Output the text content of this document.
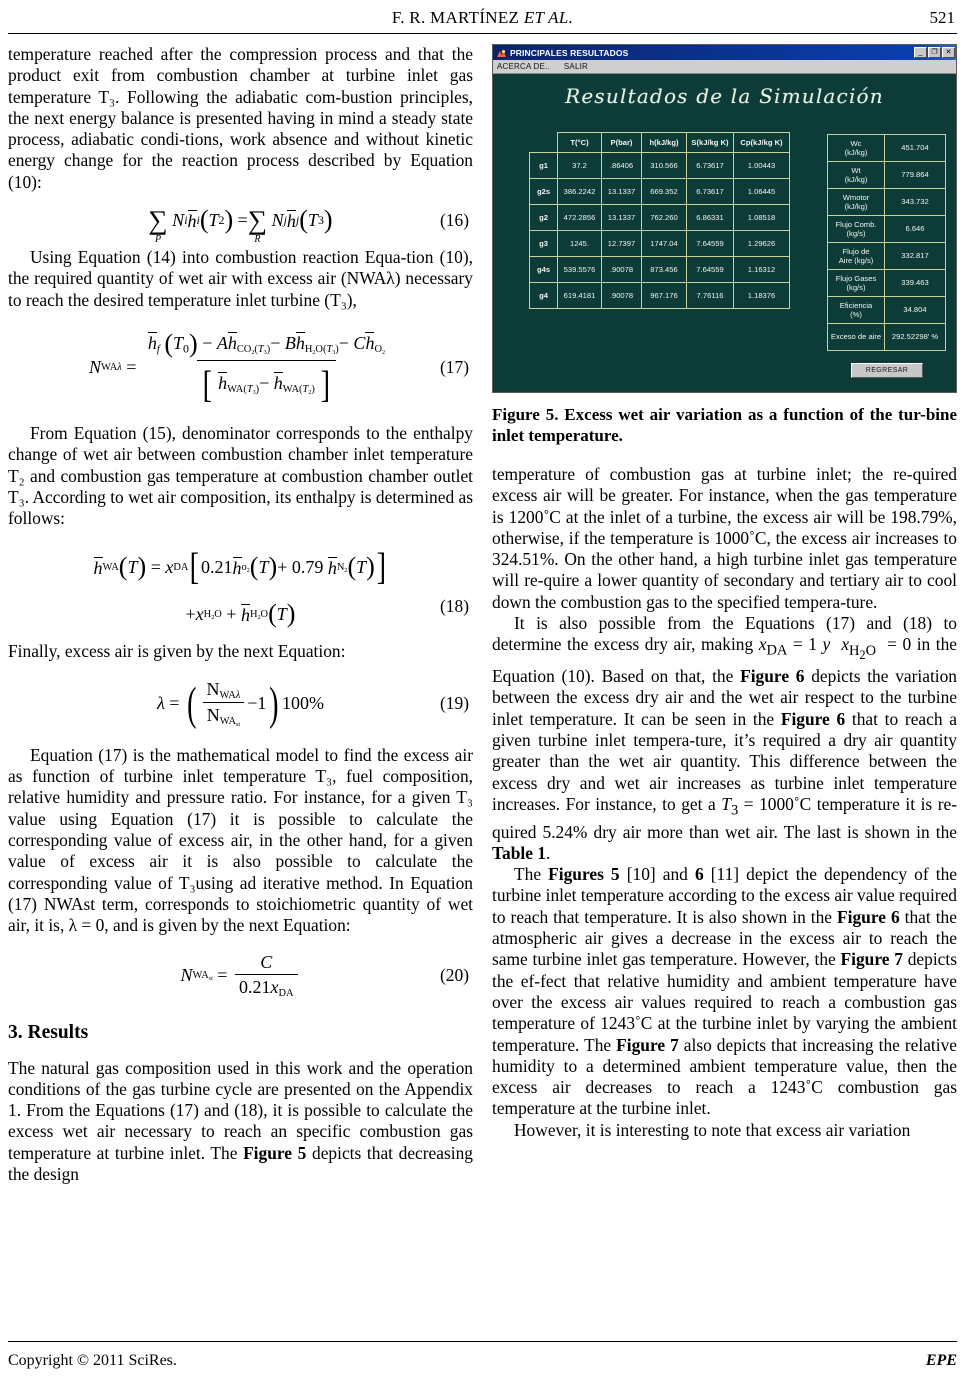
F. R. MARTÍNEZ ET AL.	521

temperature reached after the compression process and that the product exit from combustion chamber at turbine inlet gas temperature T₃. Following the adiabatic com-bustion principles, the next energy balance is presented having in mind a steady state process, adiabatic condi-tions, work absence and without kinetic energy change for the reaction process described by Equation (10):

∑
P
N i h i ( T 2 ) = ∑
R
N j h j ( T 3 )	(16)

Using Equation (14) into combustion reaction Equa-tion (10), the required quantity of wet air with excess air (NWAλ) necessary to reach the desired temperature inlet turbine (T₃),

N WAλ =
hf $(T_0)$ − AhCO2(T3)− BhH2O(T3)− ChO2
[ hWA(T3)− hWA(T2) ]	(17)

From Equation (15), denominator corresponds to the enthalpy change of wet air between combustion chamber inlet temperature T₂ and combustion gas temperature at combustion chamber outlet T₃. According to wet air composition, its enthalpy is determined as follows:

h WA ( T ) = x DA [ 0.21 h o2 ( T ) + 0.79 h N2 ( T ) ]
+ x H2O + h H2O ( T )	(18)

Finally, excess air is given by the next Equation:

λ = ( $\frac{\text{NWAλ}}{\text{NWAst}} -1$ ) 100%	(19)

Equation (17) is the mathematical model to find the excess air as function of turbine inlet temperature T₃, fuel composition, relative humidity and pressure ratio. For instance, for a given T₃ value using Equation (17) it is possible to calculate the corresponding value of excess air, in the other hand, for a given value of excess air it is also possible to calculate the corresponding value of T₃using ad iterative method. In Equation (17) NWAst term, corresponds to stoichiometric quantity of wet air, it is, λ = 0, and is given by the next Equation:

N WAst = $\frac{C}{\text{0.21xDA}}$	(20)
3. Results

The natural gas composition used in this work and the operation conditions of the gas turbine cycle are presented on the Appendix 1. From the Equations (17) and (18), it is possible to calculate the excess wet air necessary to reach an specific combustion gas temperature at turbine inlet. The Figure 5 depicts that decreasing the design

PRINCIPALES RESULTADOS	_	❐	✕
ACERCA DE.. SALIR
Resultados de la Simulación
	T(°C)	P(bar)	h(kJ/kg)	S(kJ/kg K)	Cp(kJ/kg K)
g1	37.2	.86406	310.566	6.73617	1.00443
g2s	386.2242	13.1337	669.352	6.73617	1.06445
g2	472.2856	13.1337	762.260	6.86331	1.08518
g3	1245.	12.7397	1747.04	7.64559	1.29626
g4s	539.5576	.90078	873.456	7.64559	1.16312
g4	619.4181	.90078	967.176	7.76116	1.18376
Wc
(kJ/kg)	451.704

Wt
(kJ/kg)	779.864

Wmotor
(kJ/kg)	343.732

Flujo Comb.
(kg/s)	6.646

Flujo de
Aire (kg/s)	332.817

Flujo Gases
(kg/s)	339.463

Eficiencia
(%)	34.804

Exceso de aire	292.52298' %
REGRESAR
Figure 5. Excess wet air variation as a function of the tur-bine inlet temperature.

temperature of combustion gas at turbine inlet; the re-quired excess air will be greater. For instance, when the gas temperature is 1200˚C at the inlet of a turbine, the excess air will be 198.79%, otherwise, if the temperature is 1000˚C, the excess air increases to 324.51%. On the other hand, a high turbine inlet gas temperature will re-quire a lower quantity of secondary and tertiary air to cool down the combustion gas to the specified tempera-ture.

It is also possible from the Equations (17) and (18) to determine the excess dry air, making $x_{DA} = 1$ y $x_{H_2O} = 0$ in the Equation (10). Based on that, the Figure 6 depicts the variation between the excess dry air and the wet air respect to the turbine inlet temperature. It can be seen in the Figure 6 that to reach a given turbine inlet tempera-ture, it’s required a dry air quantity greater than the wet air quantity. This difference between the excess dry and wet air increases as turbine inlet temperature increases. For instance, to get a $T_3$ = 1000˚C temperature it is re-quired 5.24% dry air more than wet air. The last is shown in the Table 1.

The Figures 5 [10] and 6 [11] depict the dependency of the turbine inlet temperature according to the excess air value required to reach that temperature. It is also shown in the Figure 6 that the atmospheric air gives a decrease in the excess air to reach the same turbine inlet gas temperature. However, the Figure 7 depicts the ef-fect that relative humidity and ambient temperature have over the excess air values required to reach a combustion gas temperature of 1243˚C at the turbine inlet by varying the ambient temperature. The Figure 7 also depicts that increasing the relative humidity to a determined ambient temperature value, then the excess air decreases to reach a 1243˚C combustion gas temperature at the turbine inlet.

However, it is interesting to note that excess air variation

Copyright © 2011 SciRes.	EPE
